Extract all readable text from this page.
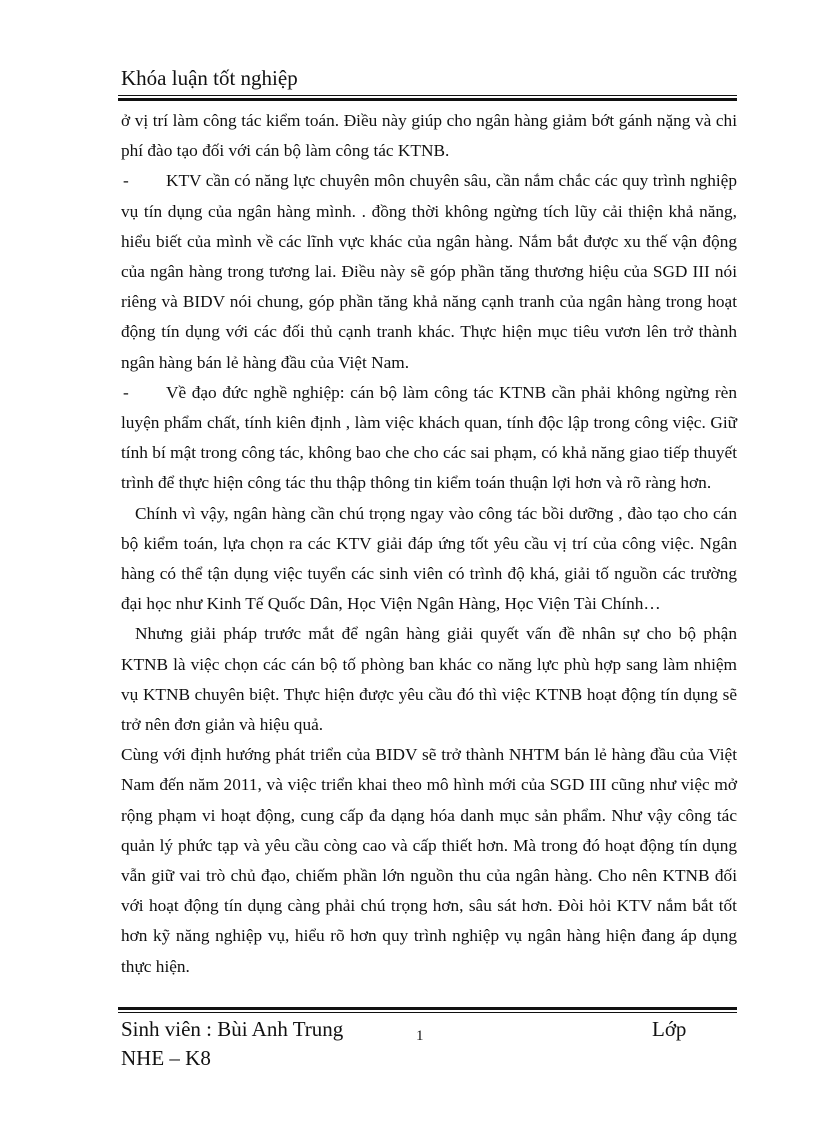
Khóa luận tốt nghiệp

ở vị trí làm công tác kiểm toán. Điều này giúp cho ngân hàng giảm bớt gánh nặng và chi phí đào tạo đối với cán bộ làm công tác KTNB.

- KTV cần có năng lực chuyên môn chuyên sâu, cần nắm chắc các quy trình nghiệp vụ tín dụng của ngân hàng mình. . đồng thời không ngừng tích lũy cải thiện khả năng, hiểu biết của mình về các lĩnh vực khác của ngân hàng. Nắm bắt được xu thế vận động của ngân hàng trong tương lai. Điều này sẽ góp phần tăng thương hiệu của SGD III nói riêng và BIDV nói chung, góp phần tăng khả năng cạnh tranh của ngân hàng trong hoạt động tín dụng với các đối thủ cạnh tranh khác. Thực hiện mục tiêu vươn lên trở thành ngân hàng bán lẻ hàng đầu của Việt Nam.

- Về đạo đức nghề nghiệp: cán bộ làm công tác KTNB cần phải không ngừng rèn luyện phẩm chất, tính kiên định , làm việc khách quan, tính độc lập trong công việc. Giữ tính bí mật trong công tác, không bao che cho các sai phạm, có khả năng giao tiếp thuyết trình để thực hiện công tác thu thập thông tin kiểm toán thuận lợi hơn và rõ ràng hơn.

Chính vì vậy, ngân hàng cần chú trọng ngay vào công tác bồi dưỡng , đào tạo cho cán bộ kiểm toán, lựa chọn ra các KTV giải đáp ứng tốt yêu cầu vị trí của công việc. Ngân hàng có thể tận dụng việc tuyển các sinh viên có trình độ khá, giải tố nguồn các trường đại học như Kinh Tế Quốc Dân, Học Viện Ngân Hàng, Học Viện Tài Chính…

Nhưng giải pháp trước mắt để ngân hàng giải quyết vấn đề nhân sự cho bộ phận KTNB là việc chọn các cán bộ tố phòng ban khác co năng lực phù hợp sang làm nhiệm vụ KTNB chuyên biệt. Thực hiện được yêu cầu đó thì việc KTNB hoạt động tín dụng sẽ trở nên đơn giản và hiệu quả.

Cùng với định hướng phát triển của BIDV sẽ trở thành NHTM bán lẻ hàng đầu của Việt Nam đến năm 2011, và việc triển khai theo mô hình mới của SGD III cũng như việc mở rộng phạm vi hoạt động, cung cấp đa dạng hóa danh mục sản phẩm. Như vậy công tác quản lý phức tạp và yêu cầu còng cao và cấp thiết hơn. Mà trong đó hoạt động tín dụng vẫn giữ vai trò chủ đạo, chiếm phần lớn nguồn thu của ngân hàng. Cho nên KTNB đối với hoạt động tín dụng càng phải chú trọng hơn, sâu sát hơn. Đòi hỏi KTV nắm bắt tốt hơn kỹ năng nghiệp vụ, hiểu rõ hơn quy trình nghiệp vụ ngân hàng hiện đang áp dụng thực hiện.

Sinh viên : Bùi Anh Trung
NHE – K8
1	Lớp
